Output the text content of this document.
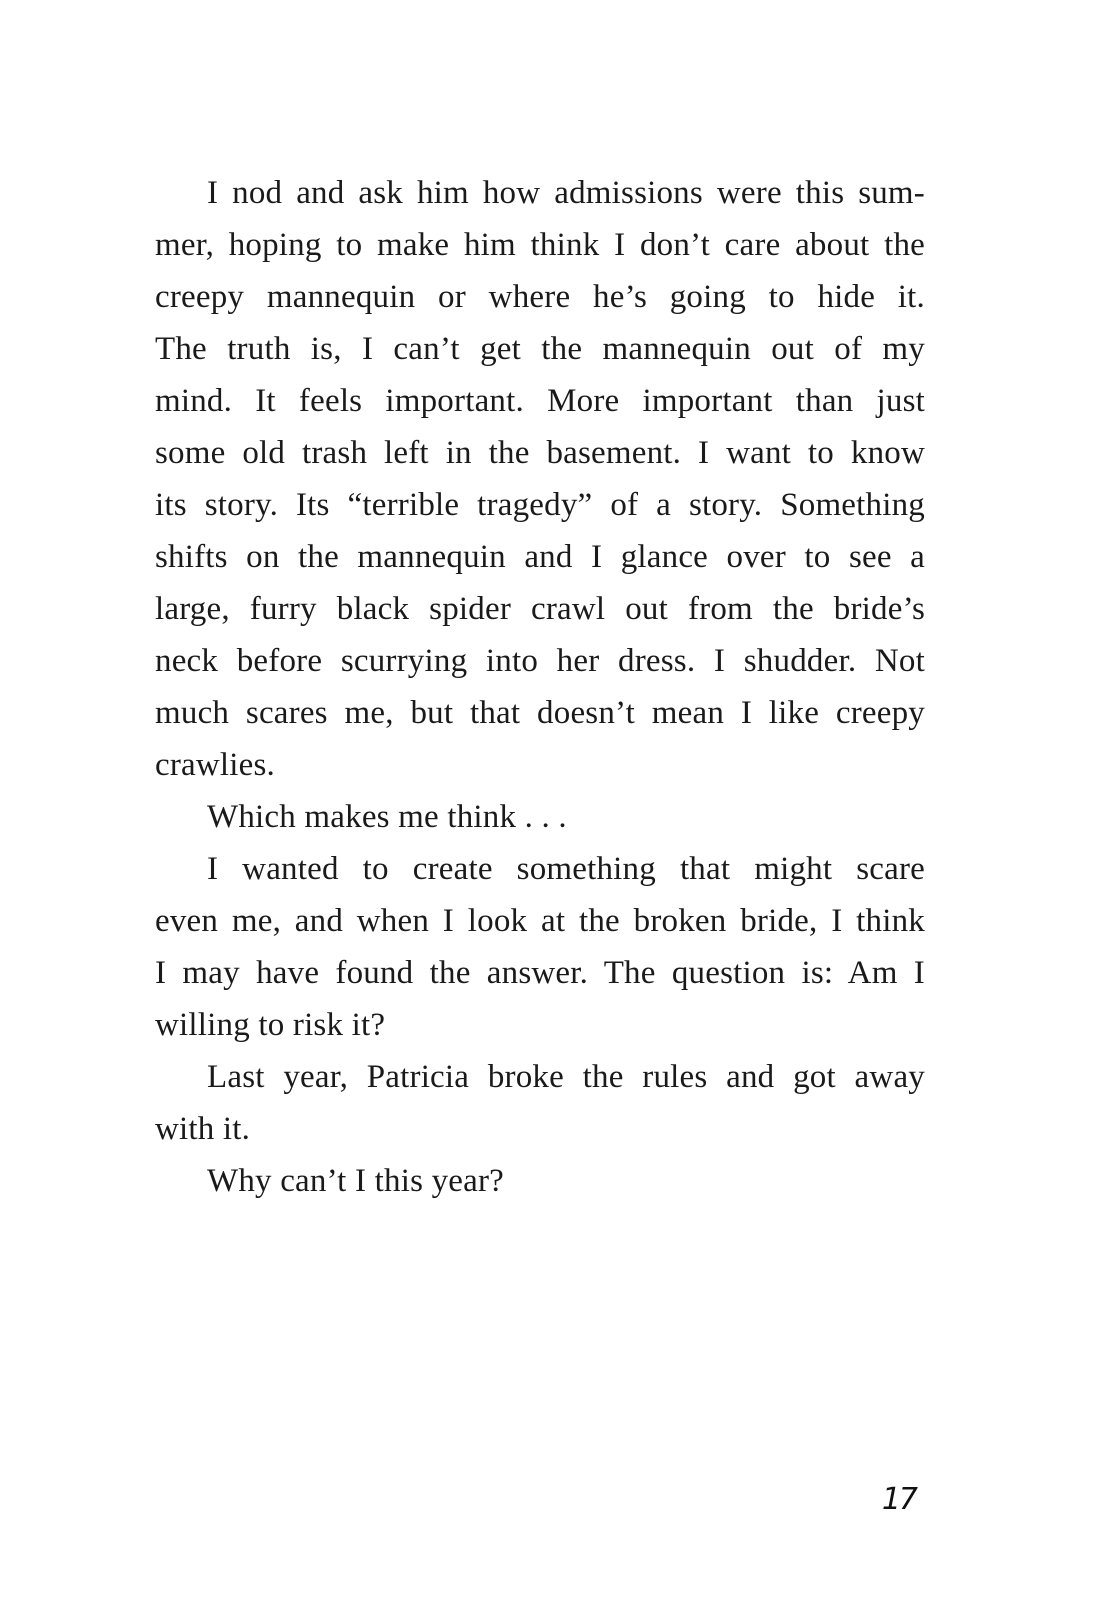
I nod and ask him how admissions were this sum-
mer, hoping to make him think I don’t care about the
creepy mannequin or where he’s going to hide it.
The truth is, I can’t get the mannequin out of my
mind. It feels important. More important than just
some old trash left in the basement. I want to know
its story. Its “terrible tragedy” of a story. Something
shifts on the mannequin and I glance over to see a
large, furry black spider crawl out from the bride’s
neck before scurrying into her dress. I shudder. Not
much scares me, but that doesn’t mean I like creepy
crawlies.
Which makes me think . . .
I wanted to create something that might scare
even me, and when I look at the broken bride, I think
I may have found the answer. The question is: Am I
willing to risk it?
Last year, Patricia broke the rules and got away
with it.
Why can’t I this year?
17
